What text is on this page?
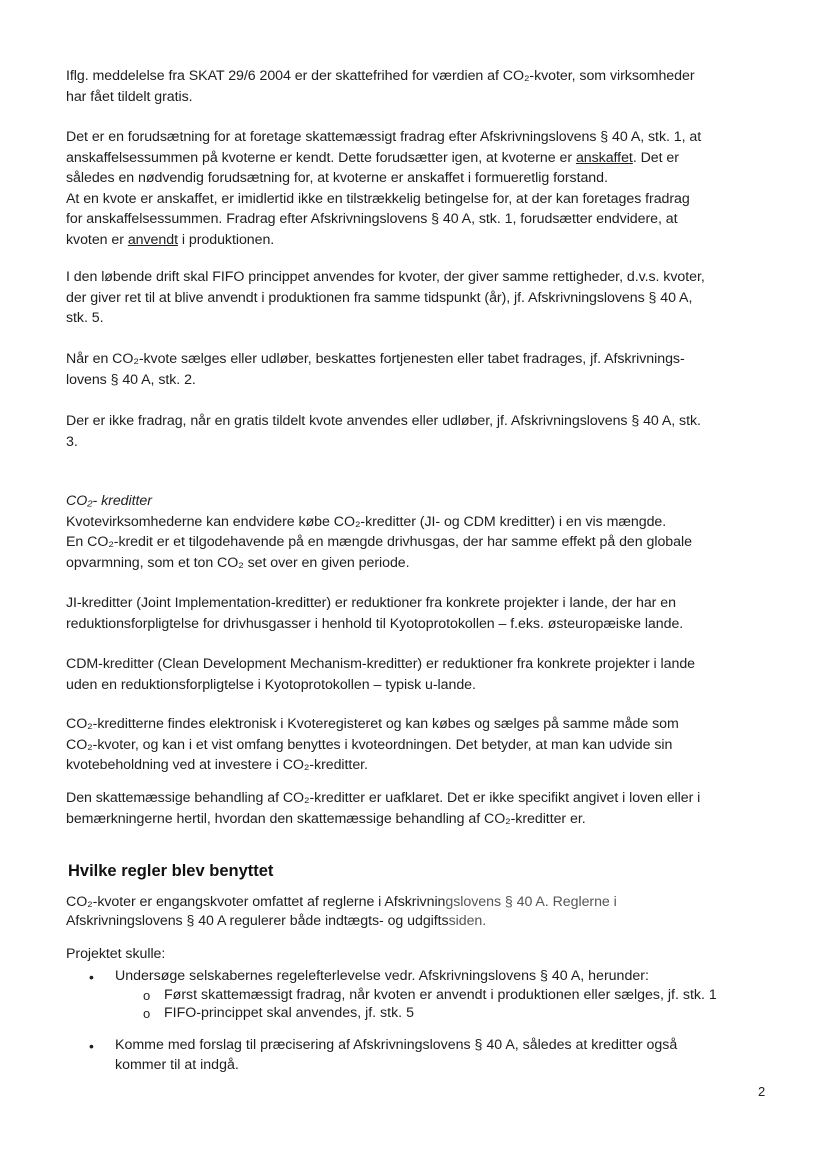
Iflg. meddelelse fra SKAT 29/6 2004 er der skattefrihed for værdien af CO₂-kvoter, som virksomheder
har fået tildelt gratis.

Det er en forudsætning for at foretage skattemæssigt fradrag efter Afskrivningslovens § 40 A, stk. 1, at
anskaffelsessummen på kvoterne er kendt. Dette forudsætter igen, at kvoterne er anskaffet. Det er
således en nødvendig forudsætning for, at kvoterne er anskaffet i formueretlig forstand.
At en kvote er anskaffet, er imidlertid ikke en tilstrækkelig betingelse for, at der kan foretages fradrag
for anskaffelsessummen. Fradrag efter Afskrivningslovens § 40 A, stk. 1, forudsætter endvidere, at
kvoten er anvendt i produktionen.

I den løbende drift skal FIFO princippet anvendes for kvoter, der giver samme rettigheder, d.v.s. kvoter,
der giver ret til at blive anvendt i produktionen fra samme tidspunkt (år), jf. Afskrivningslovens § 40 A,
stk. 5.

Når en CO₂-kvote sælges eller udløber, beskattes fortjenesten eller tabet fradrages, jf. Afskrivnings-
lovens § 40 A, stk. 2.

Der er ikke fradrag, når en gratis tildelt kvote anvendes eller udløber, jf. Afskrivningslovens § 40 A, stk.
3.

CO₂- kreditter
Kvotevirksomhederne kan endvidere købe CO₂-kreditter (JI- og CDM kreditter) i en vis mængde.
En CO₂-kredit er et tilgodehavende på en mængde drivhusgas, der har samme effekt på den globale
opvarmning, som et ton CO₂ set over en given periode.

JI-kreditter (Joint Implementation-kreditter) er reduktioner fra konkrete projekter i lande, der har en
reduktionsforpligtelse for drivhusgasser i henhold til Kyotoprotokollen – f.eks. østeuropæiske lande.

CDM-kreditter (Clean Development Mechanism-kreditter) er reduktioner fra konkrete projekter i lande
uden en reduktionsforpligtelse i Kyotoprotokollen – typisk u-lande.

CO₂-kreditterne findes elektronisk i Kvoteregisteret og kan købes og sælges på samme måde som
CO₂-kvoter, og kan i et vist omfang benyttes i kvoteordningen. Det betyder, at man kan udvide sin
kvotebeholdning ved at investere i CO₂-kreditter.

Den skattemæssige behandling af CO₂-kreditter er uafklaret. Det er ikke specifikt angivet i loven eller i
bemærkningerne hertil, hvordan den skattemæssige behandling af CO₂-kreditter er.

Hvilke regler blev benyttet

CO₂-kvoter er engangskvoter omfattet af reglerne i Afskrivningslovens § 40 A. Reglerne i
Afskrivningslovens § 40 A regulerer både indtægts- og udgiftssiden.

Projektet skulle:

• Undersøge selskabernes regelefterlevelse vedr. Afskrivningslovens § 40 A, herunder:

o Først skattemæssigt fradrag, når kvoten er anvendt i produktionen eller sælges, jf. stk. 1

o FIFO-princippet skal anvendes, jf. stk. 5

• Komme med forslag til præcisering af Afskrivningslovens § 40 A, således at kreditter også
kommer til at indgå.

2
